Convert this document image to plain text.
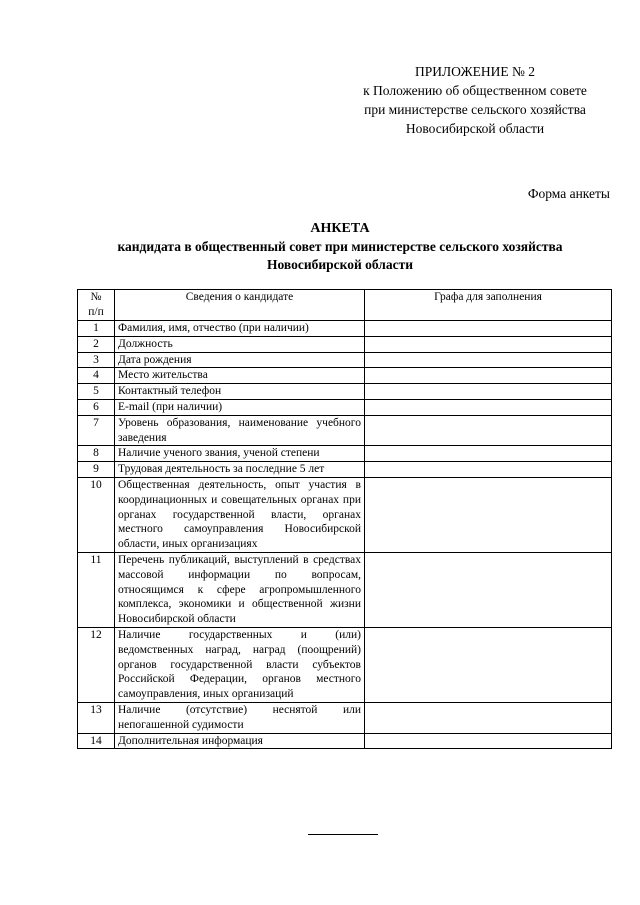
ПРИЛОЖЕНИЕ № 2
к Положению об общественном совете
при министерстве сельского хозяйства
Новосибирской области
Форма анкеты
АНКЕТА
кандидата в общественный совет при министерстве сельского хозяйства
Новосибирской области
№
п/п	Сведения о кандидате	Графа для заполнения
1	Фамилия, имя, отчество (при наличии)	
2	Должность	
3	Дата рождения	
4	Место жительства	
5	Контактный телефон	
6	E-mail (при наличии)	
7	Уровень образования, наименование учебного заведения	
8	Наличие ученого звания, ученой степени	
9	Трудовая деятельность за последние 5 лет	
10	Общественная деятельность, опыт участия в координационных и совещательных органах при органах государственной власти, органах местного самоуправления Новосибирской области, иных организациях	
11	Перечень публикаций, выступлений в средствах массовой информации по вопросам, относящимся к сфере агропромышленного комплекса, экономики и общественной жизни Новосибирской области	
12	Наличие государственных и (или) ведомственных наград, наград (поощрений) органов государственной власти субъектов Российской Федерации, органов местного самоуправления, иных организаций	
13	Наличие (отсутствие) неснятой или непогашенной судимости	
14	Дополнительная информация	
